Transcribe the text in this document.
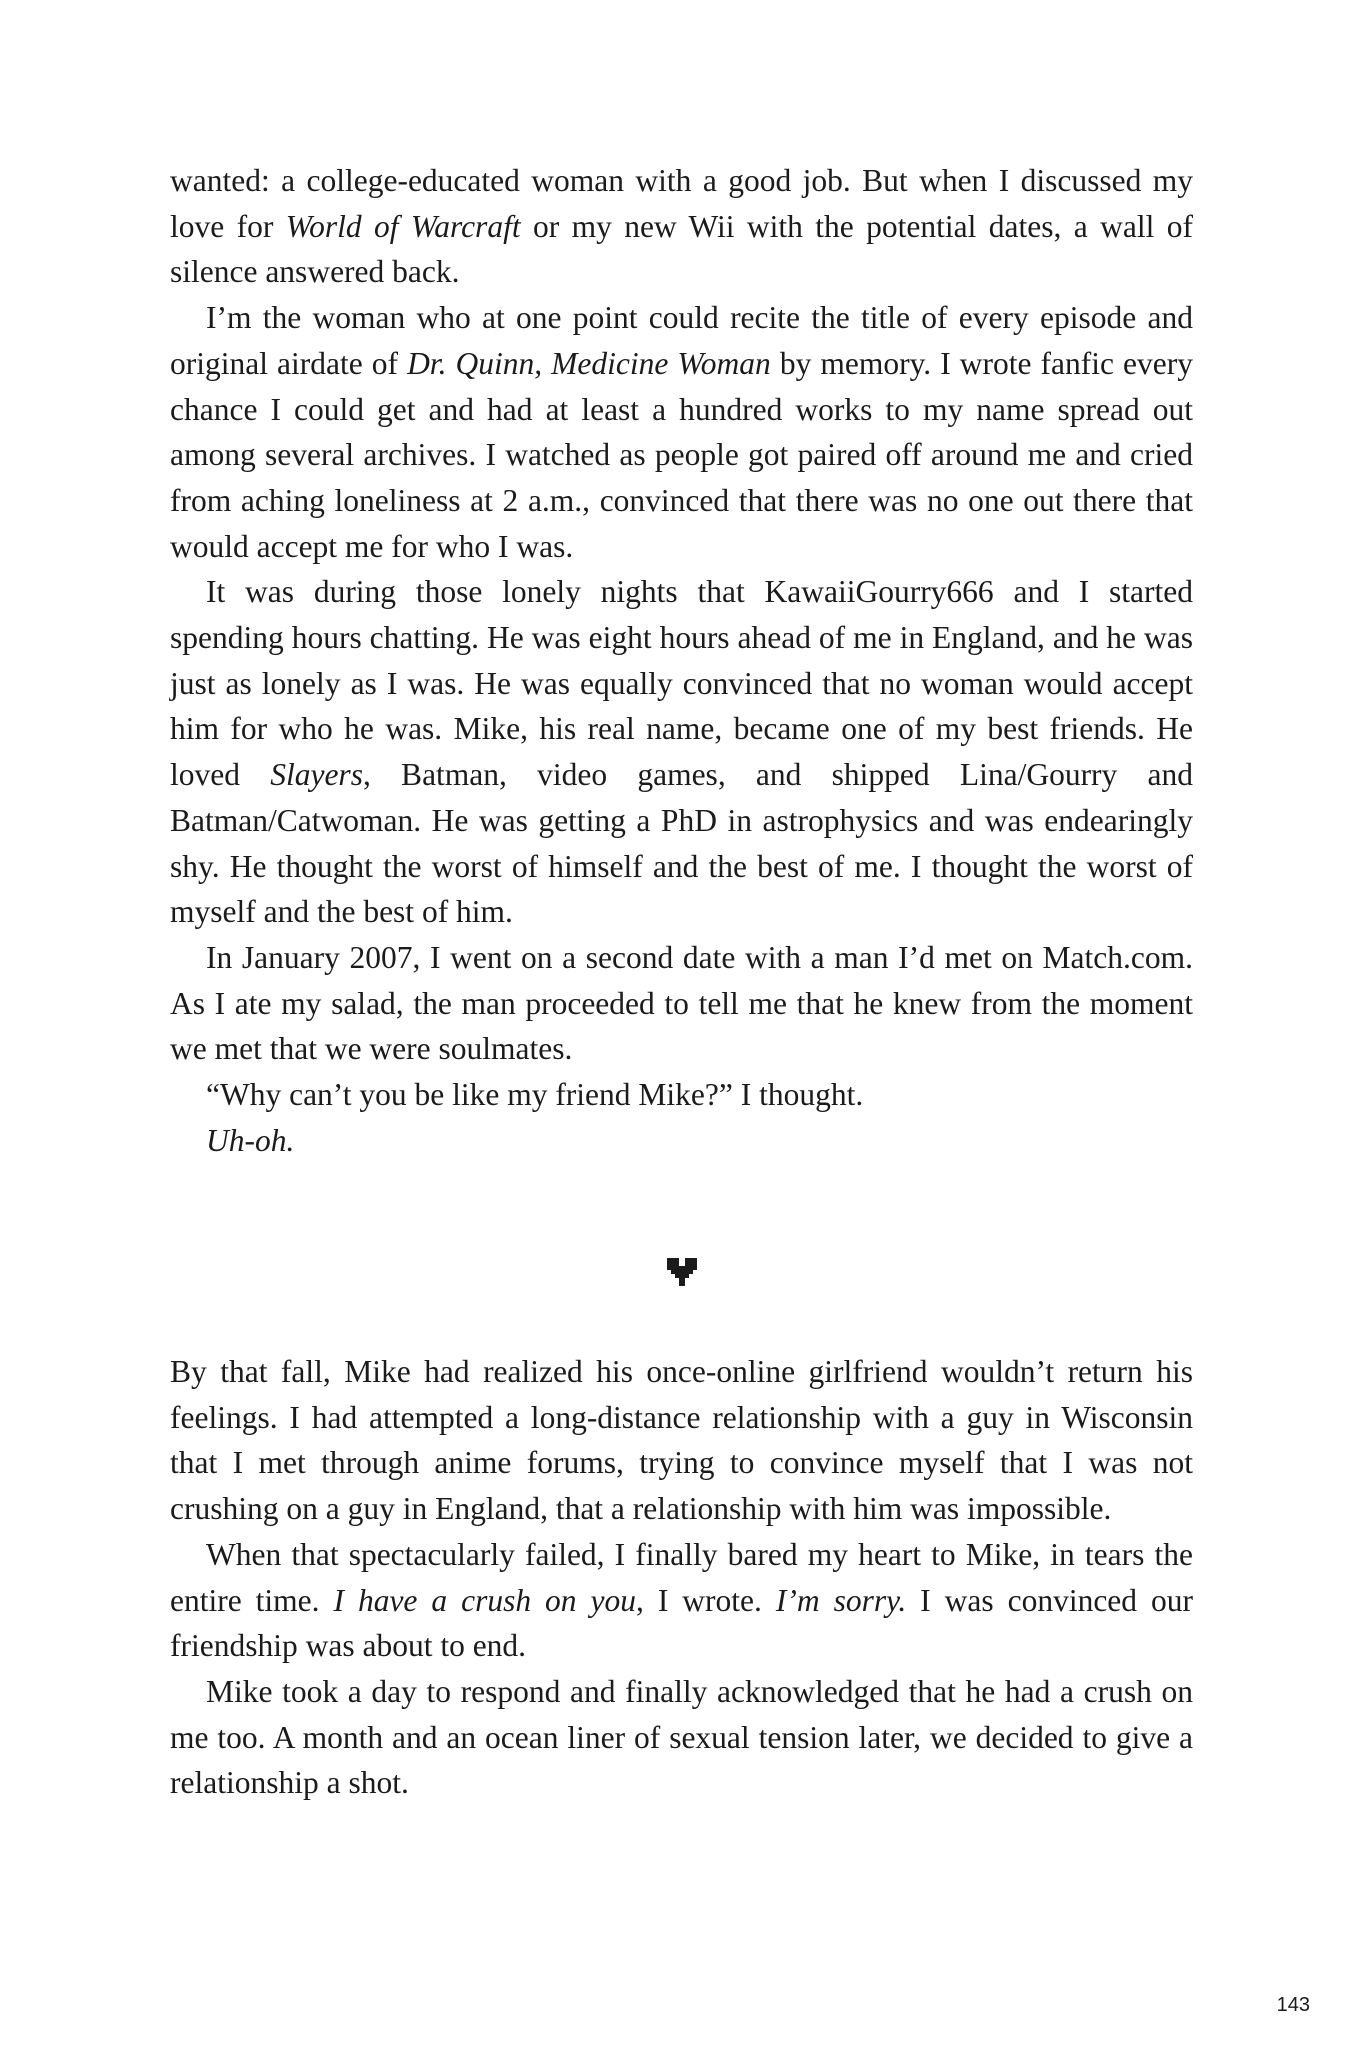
wanted: a college-educated woman with a good job. But when I discussed my love for World of Warcraft or my new Wii with the potential dates, a wall of silence answered back.

I’m the woman who at one point could recite the title of every episode and original airdate of Dr. Quinn, Medicine Woman by memory. I wrote fanfic every chance I could get and had at least a hundred works to my name spread out among several archives. I watched as people got paired off around me and cried from aching loneliness at 2 a.m., convinced that there was no one out there that would accept me for who I was.

It was during those lonely nights that KawaiiGourry666 and I started spending hours chatting. He was eight hours ahead of me in England, and he was just as lonely as I was. He was equally convinced that no woman would accept him for who he was. Mike, his real name, became one of my best friends. He loved Slayers, Batman, video games, and shipped Lina/​Gourry and Batman/Catwoman. He was getting a PhD in astrophysics and was endearingly shy. He thought the worst of himself and the best of me. I thought the worst of myself and the best of him.

In January 2007, I went on a second date with a man I’d met on Match.com. As I ate my salad, the man proceeded to tell me that he knew from the moment we met that we were soulmates.

“Why can’t you be like my friend Mike?” I thought.

Uh-oh.

By that fall, Mike had realized his once-online girlfriend wouldn’t return his feelings. I had attempted a long-distance relationship with a guy in Wisconsin that I met through anime forums, trying to convince myself that I was not crushing on a guy in England, that a relationship with him was impossible.

When that spectacularly failed, I finally bared my heart to Mike, in tears the entire time. I have a crush on you, I wrote. I’m sorry. I was convinced our friendship was about to end.

Mike took a day to respond and finally acknowledged that he had a crush on me too. A month and an ocean liner of sexual tension later, we decided to give a relationship a shot.

143
